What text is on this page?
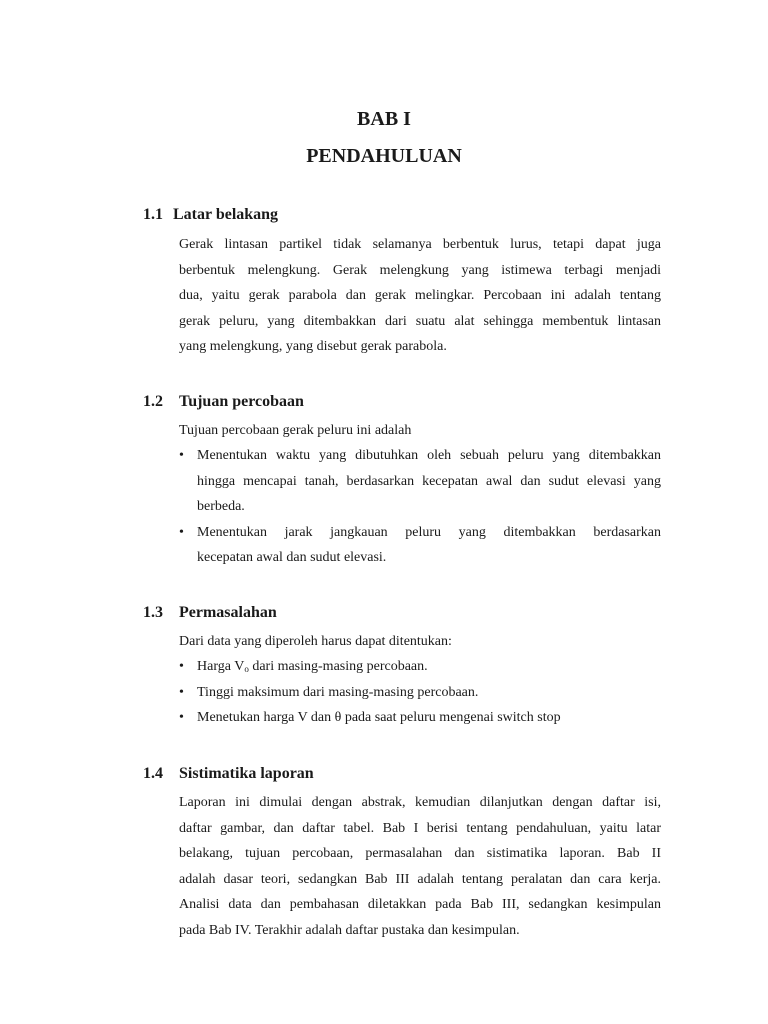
BAB I
PENDAHULUAN
1.1 Latar belakang

Gerak lintasan partikel tidak selamanya berbentuk lurus, tetapi dapat juga
berbentuk melengkung. Gerak melengkung yang istimewa terbagi menjadi
dua, yaitu gerak parabola dan gerak melingkar. Percobaan ini adalah tentang
gerak peluru, yang ditembakkan dari suatu alat sehingga membentuk lintasan
yang melengkung, yang disebut gerak parabola.

1.2 Tujuan percobaan

Tujuan percobaan gerak peluru ini adalah

• Menentukan waktu yang dibutuhkan oleh sebuah peluru yang ditembakkan
hingga mencapai tanah, berdasarkan kecepatan awal dan sudut elevasi yang
berbeda.
• Menentukan jarak jangkauan peluru yang ditembakkan berdasarkan
kecepatan awal dan sudut elevasi.
1.3 Permasalahan

Dari data yang diperoleh harus dapat ditentukan:

• Harga $V_o$ dari masing-masing percobaan.
• Tinggi maksimum dari masing-masing percobaan.
• Menetukan harga V dan θ pada saat peluru mengenai switch stop
1.4 Sistimatika laporan

Laporan ini dimulai dengan abstrak, kemudian dilanjutkan dengan daftar isi,
daftar gambar, dan daftar tabel. Bab I berisi tentang pendahuluan, yaitu latar
belakang, tujuan percobaan, permasalahan dan sistimatika laporan. Bab II
adalah dasar teori, sedangkan Bab III adalah tentang peralatan dan cara kerja.
Analisi data dan pembahasan diletakkan pada Bab III, sedangkan kesimpulan
pada Bab IV. Terakhir adalah daftar pustaka dan kesimpulan.
